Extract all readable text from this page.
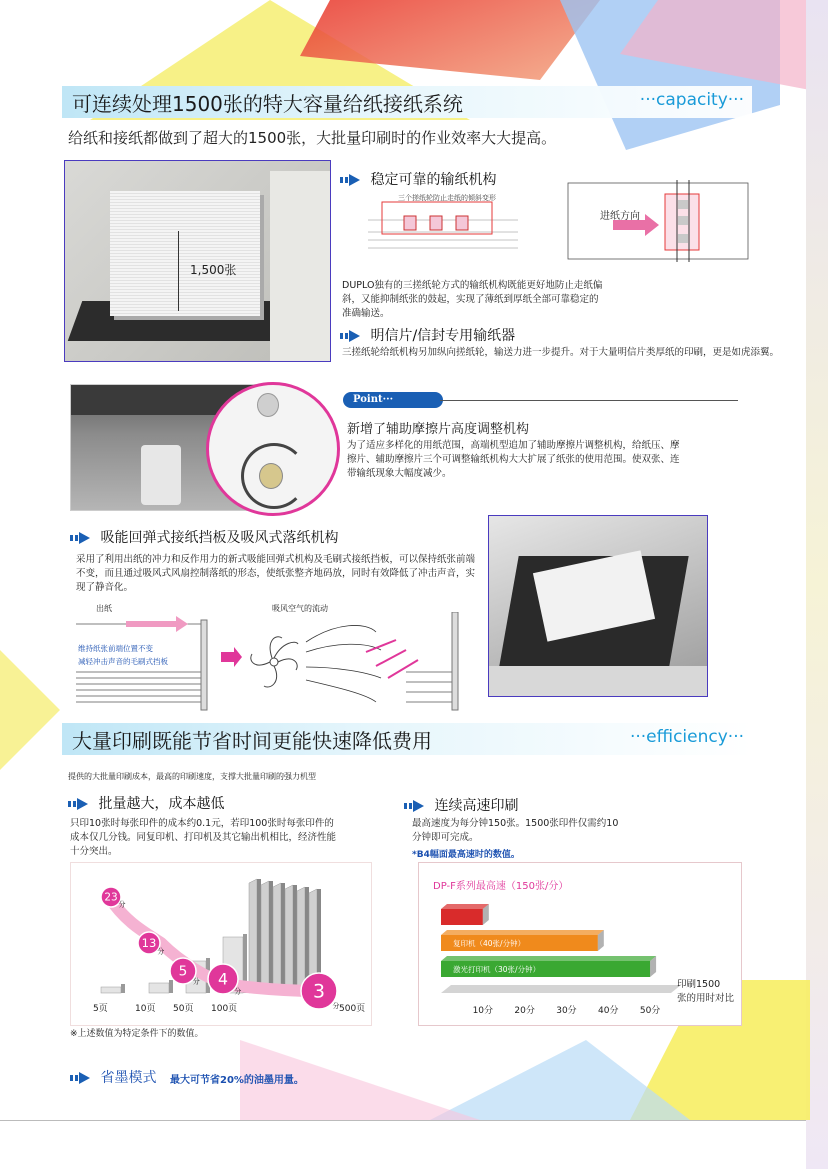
可连续处理1500张的特大容量给纸接纸系统	···capacity···
给纸和接纸都做到了超大的1500张，大批量印刷时的作业效率大大提高。
1,500张
稳定可靠的输纸机构
三个搓纸轮防止走纸的倾斜变形
进纸方向
DUPLO独有的三搓纸轮方式的输纸机构既能更好地防止走纸偏斜，又能抑制纸张的鼓起，实现了薄纸到厚纸全部可靠稳定的准确输送。
明信片/信封专用输纸器
三搓纸轮给纸机构另加纵向搓纸轮，输送力进一步提升。对于大量明信片类厚纸的印刷，更是如虎添翼。
Point···
新增了辅助摩擦片高度调整机构
为了适应多样化的用纸范围，高端机型追加了辅助摩擦片调整机构，给纸压、摩擦片、辅助摩擦片三个可调整输纸机构大大扩展了纸张的使用范围。使双张、连带输纸现象大幅度减少。
吸能回弹式接纸挡板及吸风式落纸机构
采用了利用出纸的冲力和反作用力的新式吸能回弹式机构及毛刷式接纸挡板，可以保持纸张前端不变，而且通过吸风式风扇控制落纸的形态，使纸张整齐地码放，同时有效降低了冲击声音，实现了静音化。
出纸	吸风空气的流动
维持纸张前端位置不变
减轻冲击声音的毛刷式挡板
大量印刷既能节省时间更能快速降低费用	···efficiency···
提供的大批量印刷成本，最高的印刷速度，支撑大批量印刷的强力机型
批量越大，成本越低
只印10张时每张印件的成本约0.1元，若印100张时每张印件的成本仅几分钱。同复印机、打印机及其它输出机相比，经济性能十分突出。
5页	10页 50页 100页	500页
23
分
13
分
5
分 4
分	3
分
※上述数值为特定条件下的数值。
连续高速印刷
最高速度为每分钟150张。1500张印件仅需约10分钟即可完成。
*B4幅面最高速时的数值。
DP-F系列最高速（150张/分）
复印机（40张/分钟）
激光打印机（30张/分钟）
10分 20分 30分 40分 50分
印刷1500
张的用时对比
省墨模式 最大可节省20%的油墨用量。
